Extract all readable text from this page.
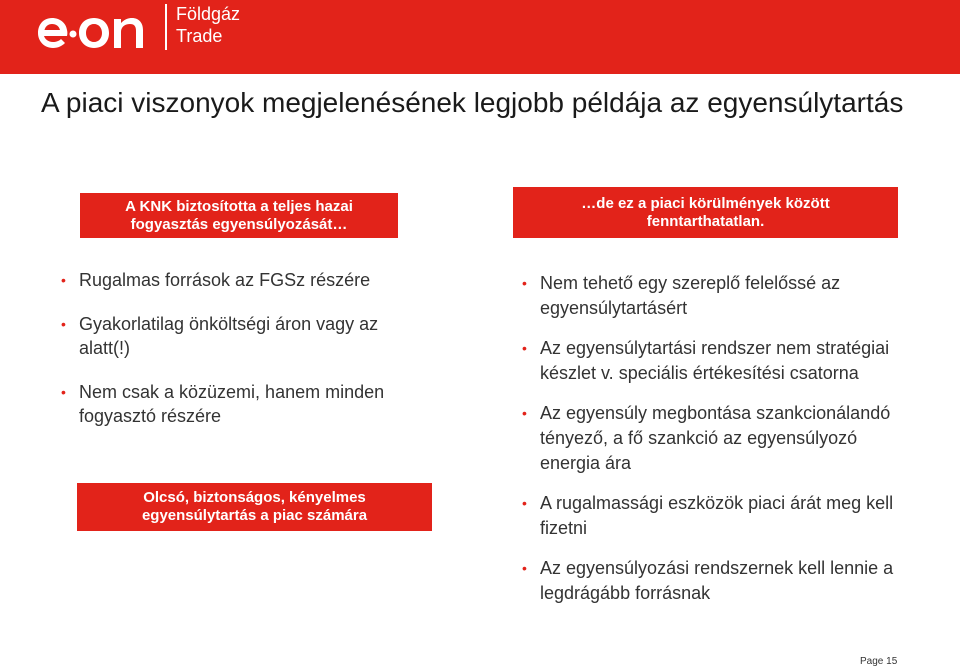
Földgáz
Trade
A piaci viszonyok megjelenésének legjobb példája az egyensúlytartás
A KNK biztosította a teljes hazai
fogyasztás egyensúlyozását…
…de ez a piaci körülmények között
fenntarthatatlan.
• Rugalmas források az FGSz részére
• Gyakorlatilag önköltségi áron vagy az alatt(!)
• Nem csak a közüzemi, hanem minden fogyasztó részére
Olcsó, biztonságos, kényelmes
egyensúlytartás a piac számára
• Nem tehető egy szereplő felelőssé az egyensúlytartásért
• Az egyensúlytartási rendszer nem stratégiai készlet v. speciális értékesítési csatorna
• Az egyensúly megbontása szankcionálandó tényező, a fő szankció az egyensúlyozó energia ára
• A rugalmassági eszközök piaci árát meg kell fizetni
• Az egyensúlyozási rendszernek kell lennie a legdrágább forrásnak
Page 15
